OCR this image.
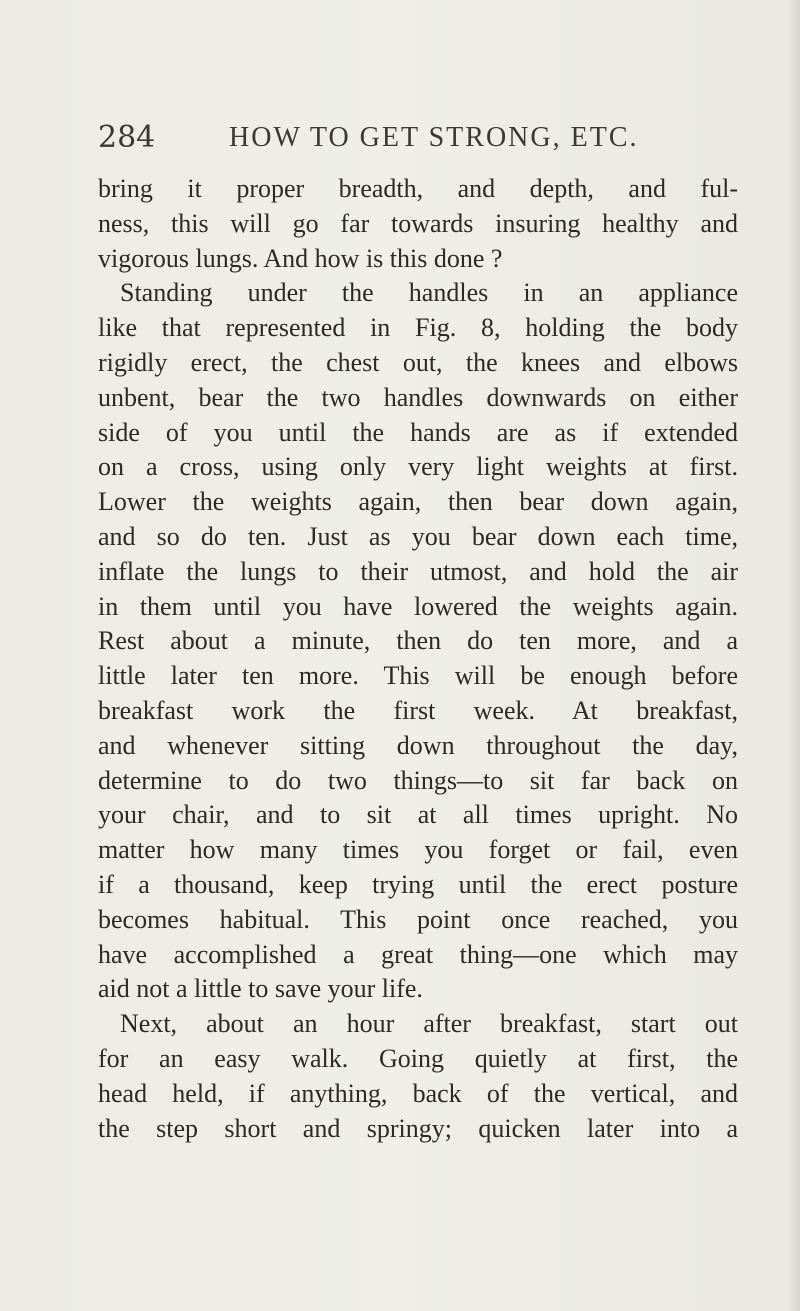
284	HOW TO GET STRONG, ETC.
bring it proper breadth, and depth, and ful-
ness, this will go far towards insuring healthy and
vigorous lungs. And how is this done ?
Standing under the handles in an appliance
like that represented in Fig. 8, holding the body
rigidly erect, the chest out, the knees and elbows
unbent, bear the two handles downwards on either
side of you until the hands are as if extended
on a cross, using only very light weights at first.
Lower the weights again, then bear down again,
and so do ten. Just as you bear down each time,
inflate the lungs to their utmost, and hold the air
in them until you have lowered the weights again.
Rest about a minute, then do ten more, and a
little later ten more. This will be enough before
breakfast work the first week. At breakfast,
and whenever sitting down throughout the day,
determine to do two things—to sit far back on
your chair, and to sit at all times upright. No
matter how many times you forget or fail, even
if a thousand, keep trying until the erect posture
becomes habitual. This point once reached, you
have accomplished a great thing—one which may
aid not a little to save your life.
Next, about an hour after breakfast, start out
for an easy walk. Going quietly at first, the
head held, if anything, back of the vertical, and
the step short and springy; quicken later into a
